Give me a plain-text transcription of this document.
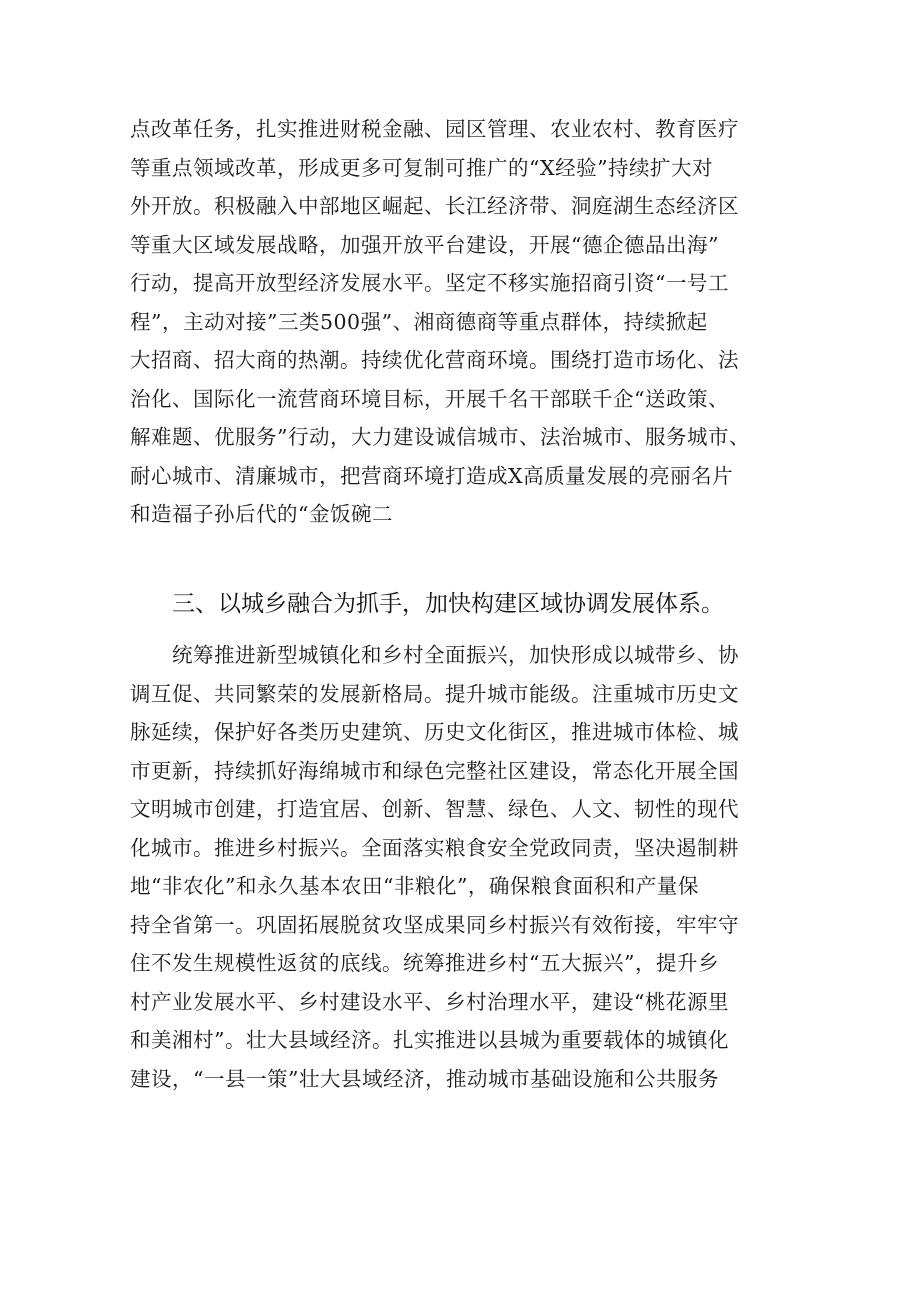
点改革任务，扎实推进财税金融、园区管理、农业农村、教育医疗
等重点领域改革，形成更多可复制可推广的“X经验”持续扩大对
外开放。积极融入中部地区崛起、长江经济带、洞庭湖生态经济区
等重大区域发展战略，加强开放平台建设，开展“德企德品出海”
行动，提高开放型经济发展水平。坚定不移实施招商引资“一号工
程”，主动对接”三类500强”、湘商德商等重点群体，持续掀起
大招商、招大商的热潮。持续优化营商环境。围绕打造市场化、法
治化、国际化一流营商环境目标，开展千名干部联千企“送政策、
解难题、优服务”行动，大力建设诚信城市、法治城市、服务城市、
耐心城市、清廉城市，把营商环境打造成X高质量发展的亮丽名片
和造福子孙后代的“金饭碗二
三、以城乡融合为抓手，加快构建区域协调发展体系。
　　统筹推进新型城镇化和乡村全面振兴，加快形成以城带乡、协
调互促、共同繁荣的发展新格局。提升城市能级。注重城市历史文
脉延续，保护好各类历史建筑、历史文化街区，推进城市体检、城
市更新，持续抓好海绵城市和绿色完整社区建设，常态化开展全国
文明城市创建，打造宜居、创新、智慧、绿色、人文、韧性的现代
化城市。推进乡村振兴。全面落实粮食安全党政同责，坚决遏制耕
地“非农化”和永久基本农田“非粮化”，确保粮食面积和产量保
持全省第一。巩固拓展脱贫攻坚成果同乡村振兴有效衔接，牢牢守
住不发生规模性返贫的底线。统筹推进乡村“五大振兴”，提升乡
村产业发展水平、乡村建设水平、乡村治理水平，建设“桃花源里
和美湘村”。壮大县域经济。扎实推进以县城为重要载体的城镇化
建设，“一县一策”壮大县域经济，推动城市基础设施和公共服务
